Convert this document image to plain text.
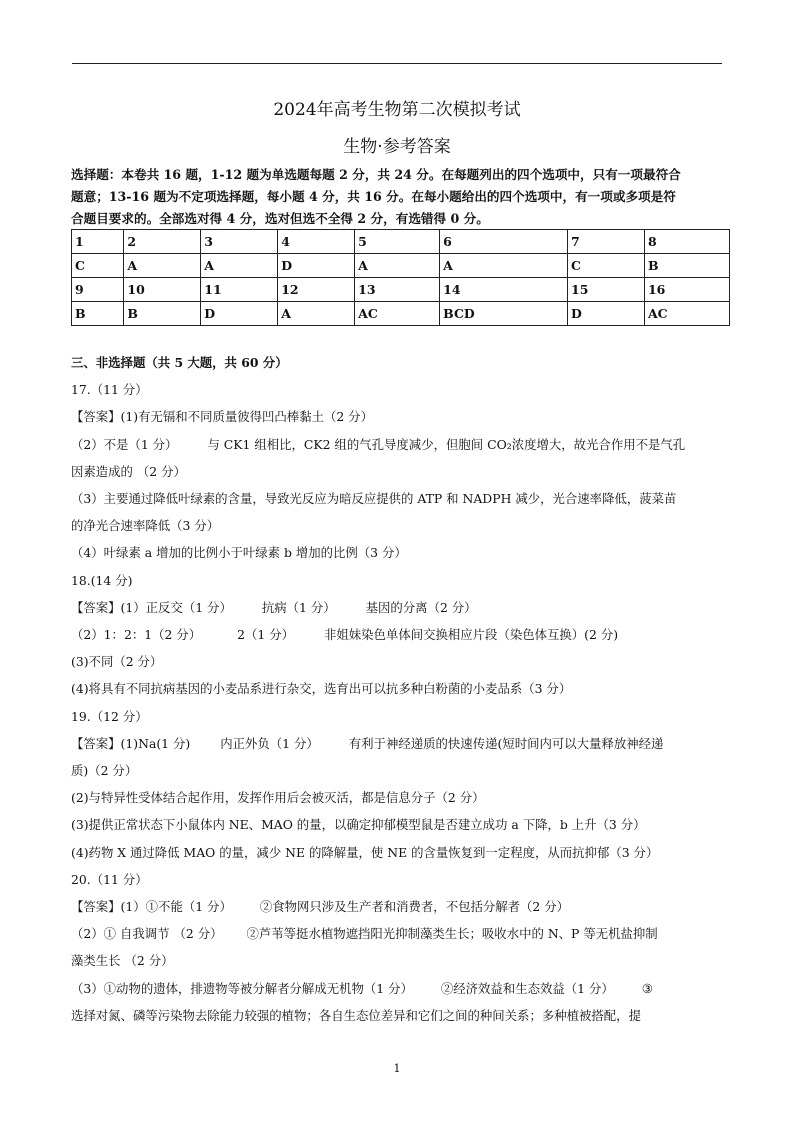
2024年高考生物第二次模拟考试
生物·参考答案
选择题：本卷共 16 题，1-12 题为单选题每题 2 分，共 24 分。在每题列出的四个选项中，只有一项最符合
题意；13-16 题为不定项选择题，每小题 4 分，共 16 分。在每小题给出的四个选项中，有一项或多项是符
合题目要求的。全部选对得 4 分，选对但选不全得 2 分，有选错得 0 分。
1	2	3	4	5	6	7	8
C	A	A	D	A	A	C	B
9	10	11	12	13	14	15	16
B	B	D	A	AC	BCD	D	AC

三、非选择题（共 5 大题，共 60 分）

17.（11 分）

【答案】(1)有无镉和不同质量彼得凹凸棒黏土（2 分）

（2）不是（1 分） 与 CK1 组相比，CK2 组的气孔导度减少，但胞间 CO₂浓度增大，故光合作用不是气孔

因素造成的 （2 分）

（3）主要通过降低叶绿素的含量，导致光反应为暗反应提供的 ATP 和 NADPH 减少，光合速率降低，菠菜苗

的净光合速率降低（3 分）

（4）叶绿素 a 增加的比例小于叶绿素 b 增加的比例（3 分）

18.(14 分)

【答案】(1）正反交（1 分） 抗病（1 分） 基因的分离（2 分）

（2）1：2：1（2 分）	2（1 分） 非姐妹染色单体间交换相应片段（染色体互换）(2 分)

(3)不同（2 分）

(4)将具有不同抗病基因的小麦品系进行杂交，选育出可以抗多种白粉菌的小麦品系（3 分）

19.（12 分）

【答案】(1)Na(1 分) 内正外负（1 分） 有利于神经递质的快速传递(短时间内可以大量释放神经递

质)（2 分）

(2)与特异性受体结合起作用，发挥作用后会被灭活，都是信息分子（2 分）

(3)提供正常状态下小鼠体内 NE、MAO 的量，以确定抑郁模型鼠是否建立成功 a 下降，b 上升（3 分）

(4)药物 X 通过降低 MAO 的量，减少 NE 的降解量，使 NE 的含量恢复到一定程度，从而抗抑郁（3 分）

20.（11 分）

【答案】(1）①不能（1 分） ②食物网只涉及生产者和消费者，不包括分解者（2 分）

（2）① 自我调节 （2 分） ②芦苇等挺水植物遮挡阳光抑制藻类生长；吸收水中的 N、P 等无机盐抑制

藻类生长 （2 分）

（3）①动物的遗体，排遗物等被分解者分解成无机物（1 分） ②经济效益和生态效益（1 分） ③

选择对氮、磷等污染物去除能力较强的植物；各自生态位差异和它们之间的种间关系；多种植被搭配，提

1
